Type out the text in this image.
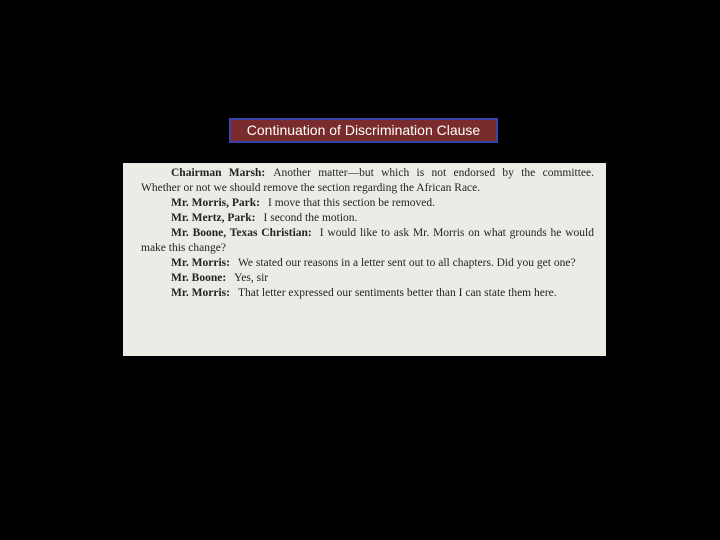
Continuation of Discrimination Clause

Chairman Marsh: Another matter—but which is not endorsed by the committee. Whether or not we should remove the section regarding the African Race.

Mr. Morris, Park: I move that this section be removed.

Mr. Mertz, Park: I second the motion.

Mr. Boone, Texas Christian: I would like to ask Mr. Morris on what grounds he would make this change?

Mr. Morris: We stated our reasons in a letter sent out to all chapters. Did you get one?

Mr. Boone: Yes, sir

Mr. Morris: That letter expressed our sentiments better than I can state them here.
